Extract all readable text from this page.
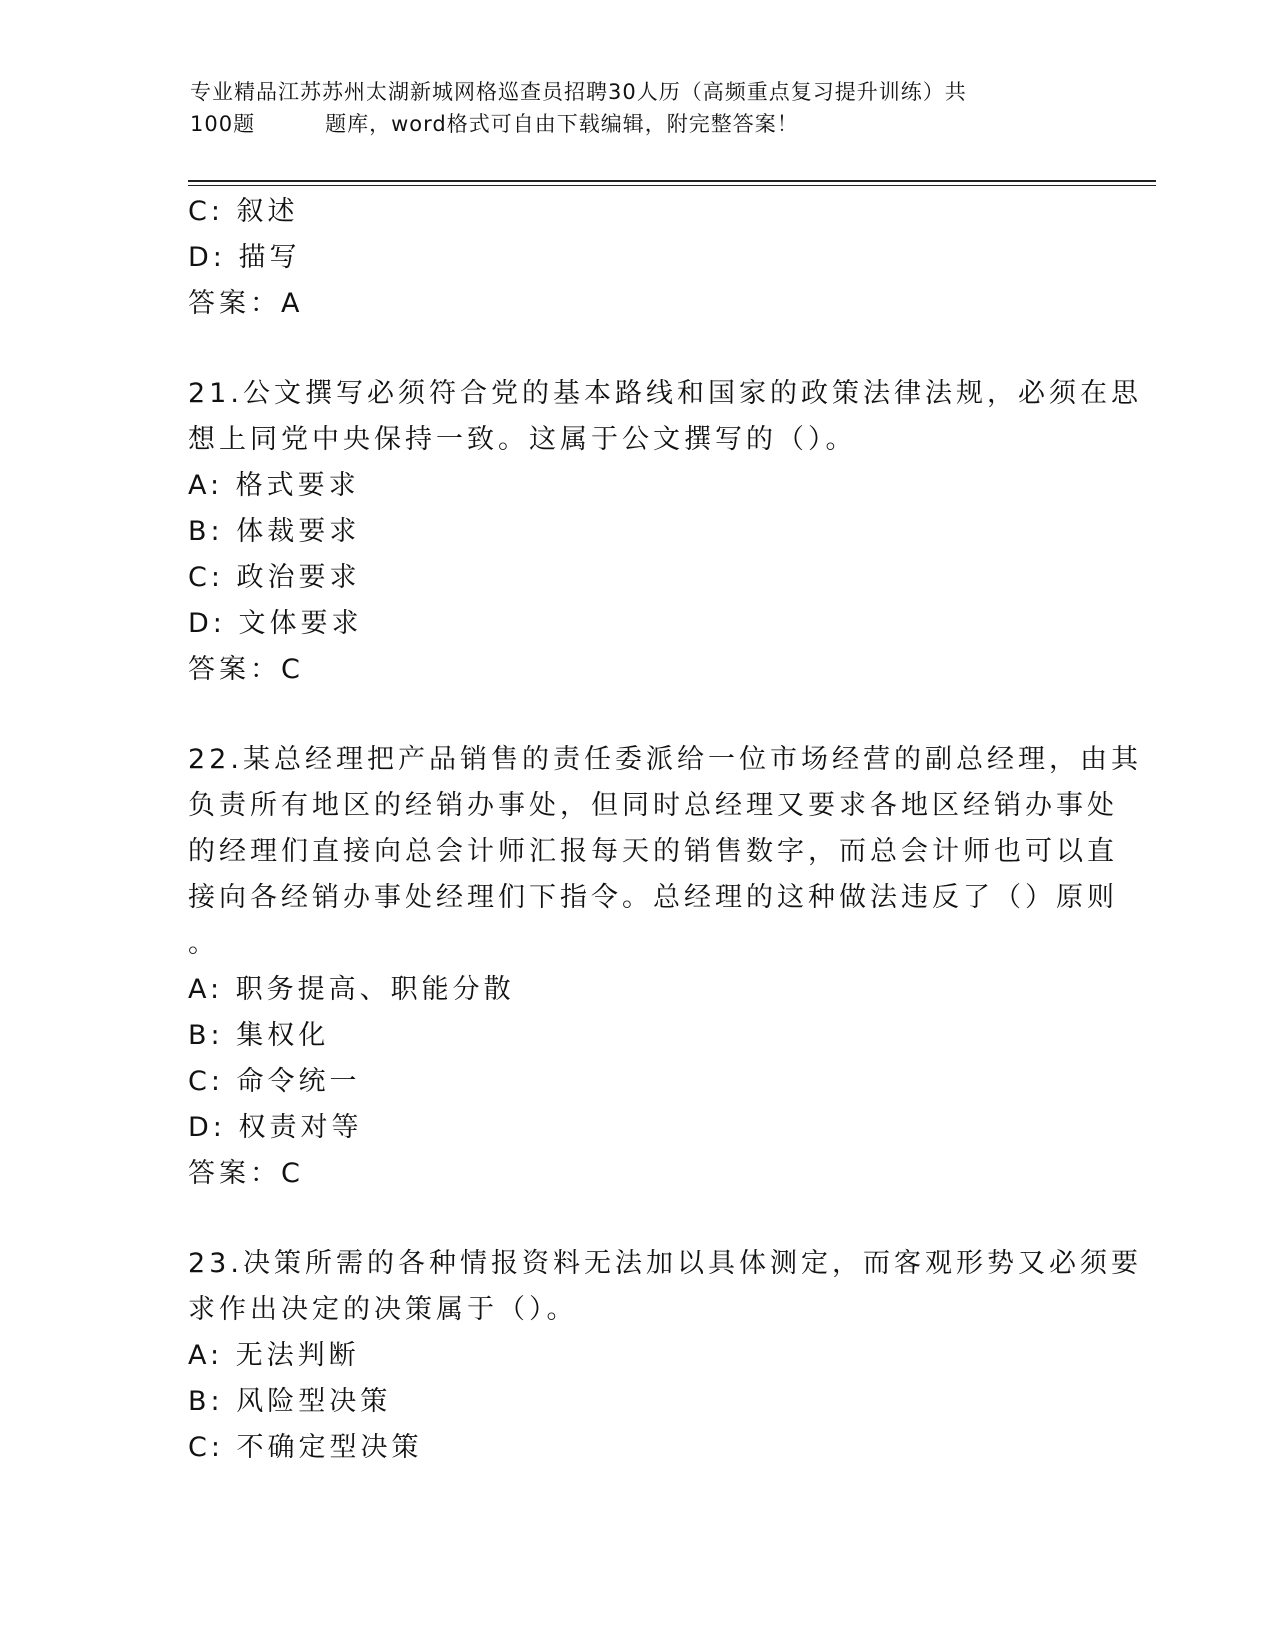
专业精品江苏苏州太湖新城网格巡查员招聘30人历（高频重点复习提升训练）共
100题	题库，word格式可自由下载编辑，附完整答案！
C: 叙述
D: 描写
答案：A
21.公文撰写必须符合党的基本路线和国家的政策法律法规，必须在思
想上同党中央保持一致。这属于公文撰写的（）。
A: 格式要求
B: 体裁要求
C: 政治要求
D: 文体要求
答案：C
22.某总经理把产品销售的责任委派给一位市场经营的副总经理，由其
负责所有地区的经销办事处，但同时总经理又要求各地区经销办事处
的经理们直接向总会计师汇报每天的销售数字，而总会计师也可以直
接向各经销办事处经理们下指令。总经理的这种做法违反了（）原则
。
A: 职务提高、职能分散
B: 集权化
C: 命令统一
D: 权责对等
答案：C
23.决策所需的各种情报资料无法加以具体测定，而客观形势又必须要
求作出决定的决策属于（）。
A: 无法判断
B: 风险型决策
C: 不确定型决策
